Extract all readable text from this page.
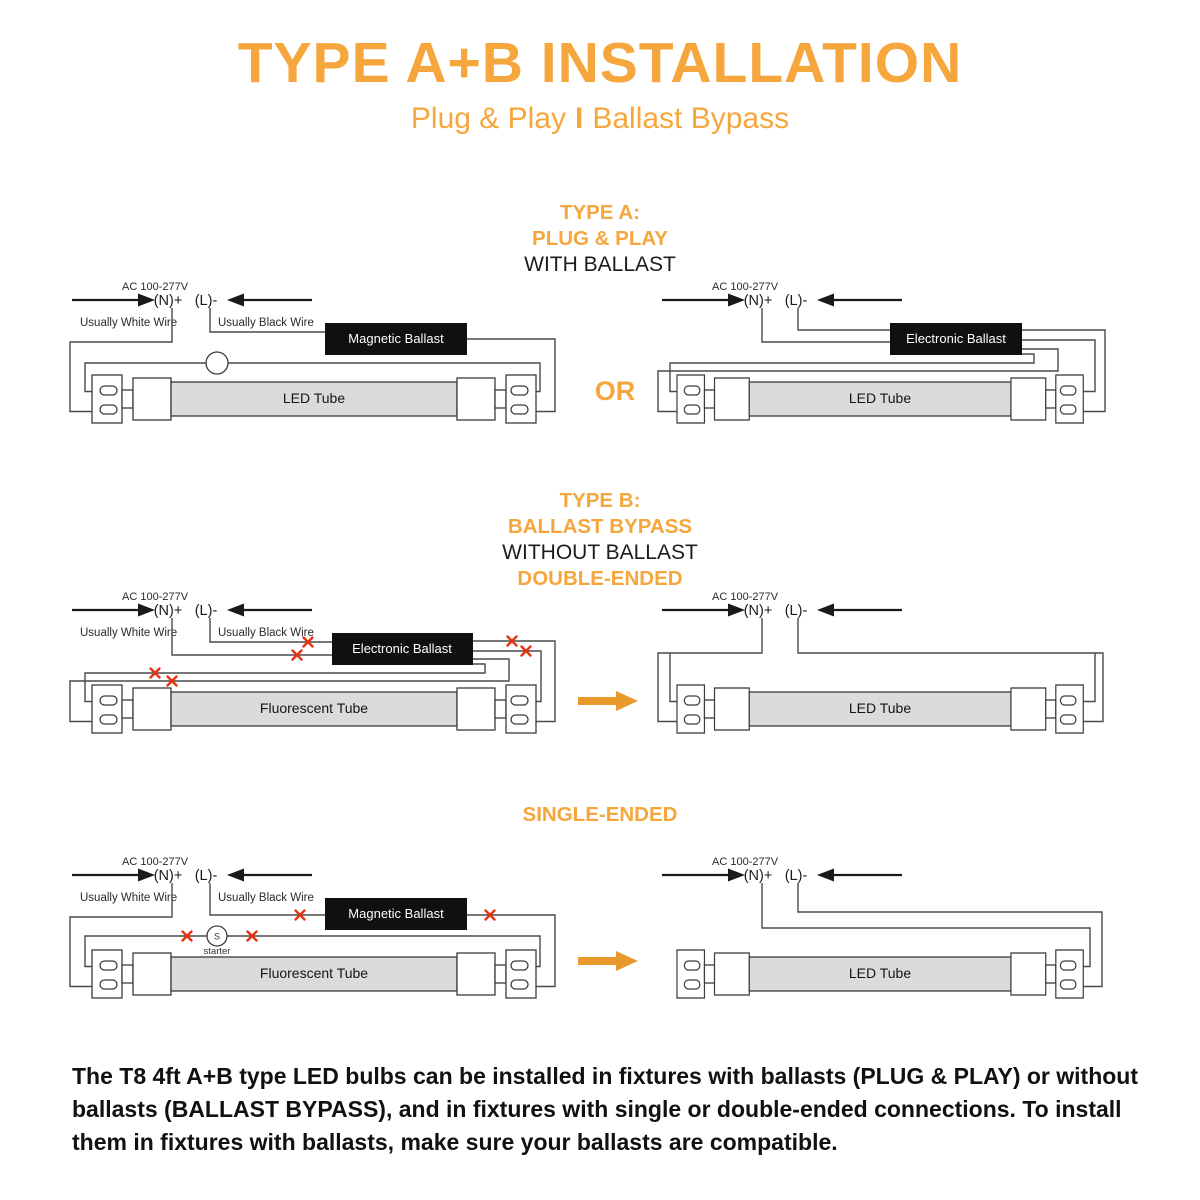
TYPE A+B INSTALLATION
Plug & Play I Ballast Bypass
TYPE A:
PLUG & PLAY
WITH BALLAST
AC 100-277V
(N)+ (L)-
Usually White Wire	Usually Black Wire
Magnetic Ballast
LED Tube	OR
AC 100-277V
(N)+ (L)-
Electronic Ballast
LED Tube
TYPE B:
BALLAST BYPASS
WITHOUT BALLAST
DOUBLE-ENDED
AC 100-277V
(N)+ (L)-
Usually White Wire	Usually Black Wire
Electronic Ballast
Fluorescent Tube
AC 100-277V
(N)+ (L)-
LED Tube
SINGLE-ENDED
AC 100-277V
(N)+ (L)-
Usually White Wire	Usually Black Wire
Magnetic Ballast
S
starter
Fluorescent Tube
AC 100-277V
(N)+ (L)-
LED Tube
The T8 4ft A+B type LED bulbs can be installed in fixtures with ballasts (PLUG & PLAY) or without ballasts (BALLAST BYPASS), and in fixtures with single or double-ended connections. To install them in fixtures with ballasts, make sure your ballasts are compatible.
